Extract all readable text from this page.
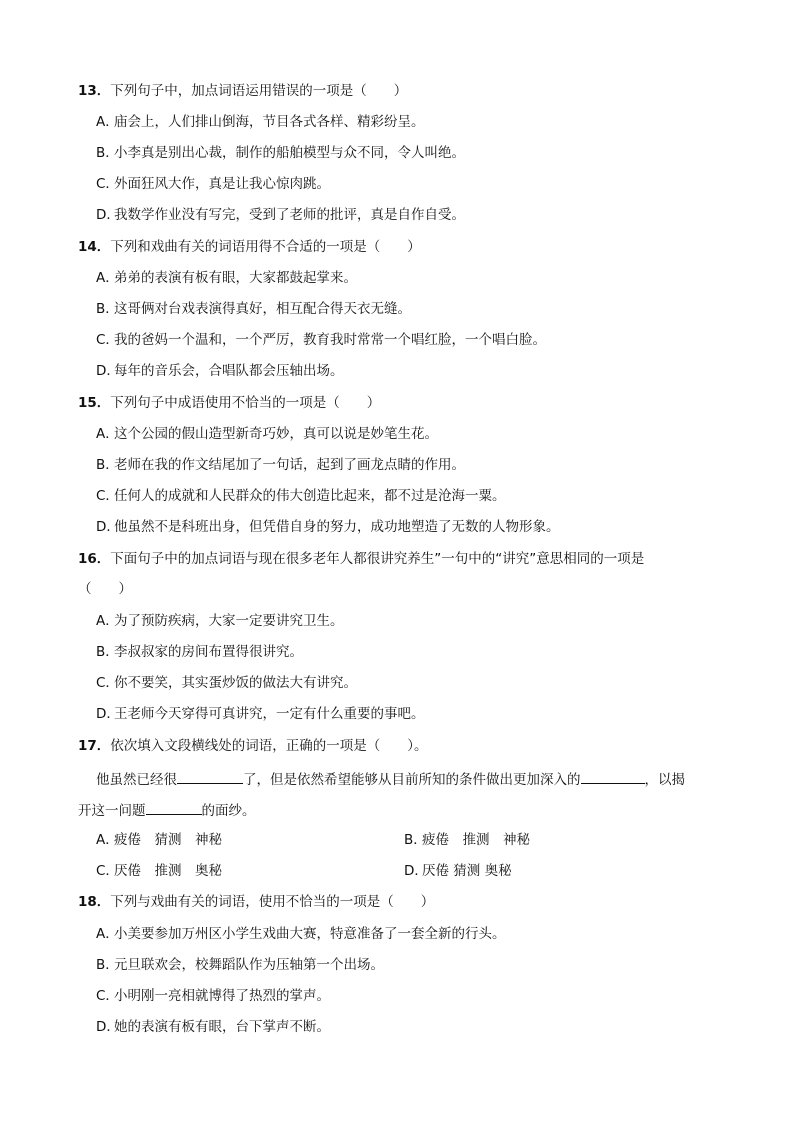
13．下列句子中，加点词语运用错误的一项是（　　）
A．庙会上，人们排山倒海，节目各式各样、精彩纷呈。
B．小李真是别出心裁，制作的船舶模型与众不同，令人叫绝。
C．外面狂风大作，真是让我心惊肉跳。
D．我数学作业没有写完，受到了老师的批评，真是自作自受。
14．下列和戏曲有关的词语用得不合适的一项是（　　）
A．弟弟的表演有板有眼，大家都鼓起掌来。
B．这哥俩对台戏表演得真好，相互配合得天衣无缝。
C．我的爸妈一个温和，一个严厉，教育我时常常一个唱红脸，一个唱白脸。
D．每年的音乐会，合唱队都会压轴出场。
15．下列句子中成语使用不恰当的一项是（　　）
A．这个公园的假山造型新奇巧妙，真可以说是妙笔生花。
B．老师在我的作文结尾加了一句话，起到了画龙点睛的作用。
C．任何人的成就和人民群众的伟大创造比起来，都不过是沧海一粟。
D．他虽然不是科班出身，但凭借自身的努力，成功地塑造了无数的人物形象。
16．下面句子中的加点词语与现在很多老年人都很讲究养生”一句中的“讲究”意思相同的一项是
（　　）
A．为了预防疾病，大家一定要讲究卫生。
B．李叔叔家的房间布置得很讲究。
C．你不要笑，其实蛋炒饭的做法大有讲究。
D．王老师今天穿得可真讲究，一定有什么重要的事吧。
17．依次填入文段横线处的词语，正确的一项是（　　）。
他虽然已经很	了，但是依然希望能够从目前所知的条件做出更加深入的	，以揭
开这一问题	的面纱。
A．疲倦　猜测　神秘	B．疲倦　推测　神秘
C．厌倦　推测　奥秘	D．厌倦 猜测 奥秘
18．下列与戏曲有关的词语，使用不恰当的一项是（　　）
A．小美要参加万州区小学生戏曲大赛，特意准备了一套全新的行头。
B．元旦联欢会，校舞蹈队作为压轴第一个出场。
C．小明刚一亮相就博得了热烈的掌声。
D．她的表演有板有眼，台下掌声不断。
